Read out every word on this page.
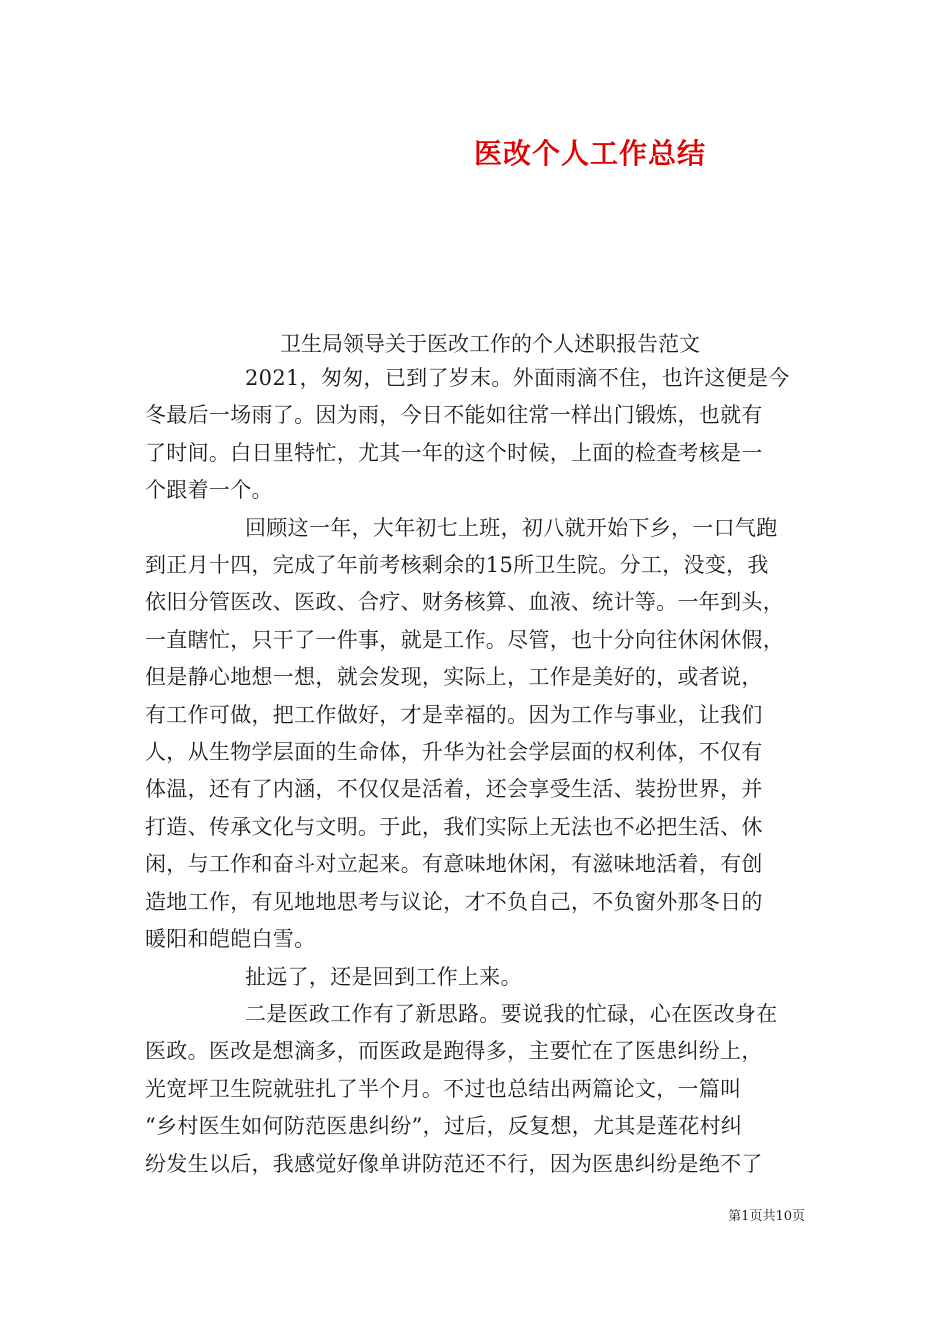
医改个人工作总结
卫生局领导关于医改工作的个人述职报告范文
2021，匆匆，已到了岁末。外面雨滴不住，也许这便是今
冬最后一场雨了。因为雨，今日不能如往常一样出门锻炼，也就有
了时间。白日里特忙，尤其一年的这个时候，上面的检查考核是一
个跟着一个。
回顾这一年，大年初七上班，初八就开始下乡，一口气跑
到正月十四，完成了年前考核剩余的15所卫生院。分工，没变，我
依旧分管医改、医政、合疗、财务核算、血液、统计等。一年到头，
一直瞎忙，只干了一件事，就是工作。尽管，也十分向往休闲休假，
但是静心地想一想，就会发现，实际上，工作是美好的，或者说，
有工作可做，把工作做好，才是幸福的。因为工作与事业，让我们
人，从生物学层面的生命体，升华为社会学层面的权利体，不仅有
体温，还有了内涵，不仅仅是活着，还会享受生活、装扮世界，并
打造、传承文化与文明。于此，我们实际上无法也不必把生活、休
闲，与工作和奋斗对立起来。有意味地休闲，有滋味地活着，有创
造地工作，有见地地思考与议论，才不负自己，不负窗外那冬日的
暖阳和皑皑白雪。
扯远了，还是回到工作上来。
二是医政工作有了新思路。要说我的忙碌，心在医改身在
医政。医改是想滴多，而医政是跑得多，主要忙在了医患纠纷上，
光宽坪卫生院就驻扎了半个月。不过也总结出两篇论文，一篇叫
“乡村医生如何防范医患纠纷”，过后，反复想，尤其是莲花村纠
纷发生以后，我感觉好像单讲防范还不行，因为医患纠纷是绝不了
第1页共10页
